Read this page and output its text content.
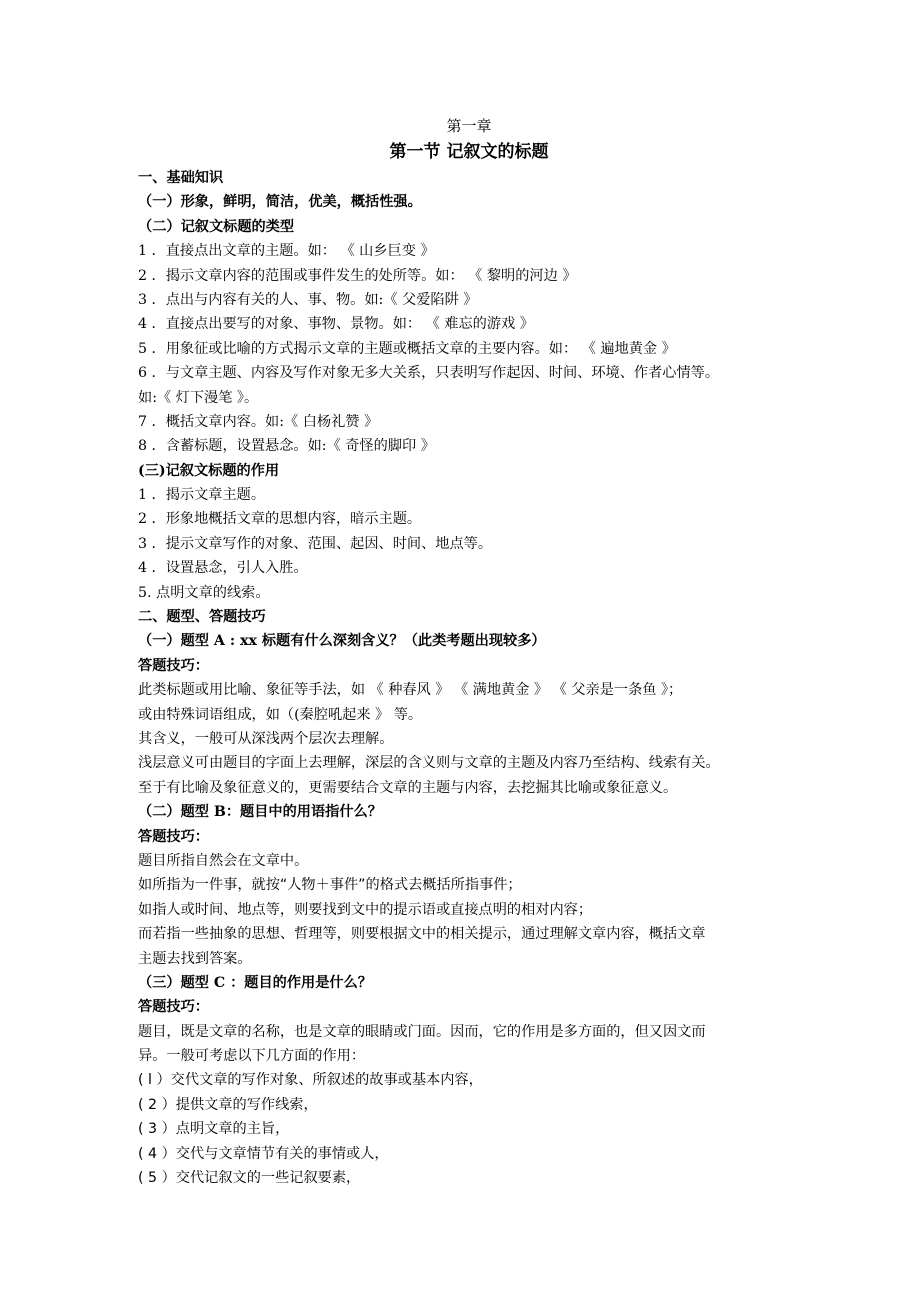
第一章
第一节 记叙文的标题
一、基础知识
（一）形象，鲜明，简洁，优美，概括性强。
（二）记叙文标题的类型
1 ．直接点出文章的主题。如： 《 山乡巨变 》
2 ．揭示文章内容的范围或事件发生的处所等。如： 《 黎明的河边 》
3 ．点出与内容有关的人、事、物。如:《 父爱陷阱 》
4 ．直接点出要写的对象、事物、景物。如： 《 难忘的游戏 》
5 ．用象征或比喻的方式揭示文章的主题或概括文章的主要内容。如： 《 遍地黄金 》
6 ．与文章主题、内容及写作对象无多大关系，只表明写作起因、时间、环境、作者心情等。
如:《 灯下漫笔 》。
7 ．概括文章内容。如:《 白杨礼赞 》
8 ．含蓄标题，设置悬念。如:《 奇怪的脚印 》
(三)记叙文标题的作用
1 ．揭示文章主题。
2 ．形象地概括文章的思想内容，暗示主题。
3 ．提示文章写作的对象、范围、起因、时间、地点等。
4 ．设置悬念，引人入胜。
5. 点明文章的线索。
二、题型、答题技巧
（一）题型 A : xx 标题有什么深刻含义？（此类考题出现较多）
答题技巧：
此类标题或用比喻、象征等手法，如 《 种春风 》 《 满地黄金 》 《 父亲是一条鱼 》；
或由特殊词语组成，如（(秦腔吼起来 》 等。
其含义，一般可从深浅两个层次去理解。
浅层意义可由题目的字面上去理解，深层的含义则与文章的主题及内容乃至结构、线索有关。
至于有比喻及象征意义的，更需要结合文章的主题与内容，去挖掘其比喻或象征意义。
（二）题型 B：题目中的用语指什么？
答题技巧：
题目所指自然会在文章中。
如所指为一件事，就按“人物＋事件”的格式去概括所指事件；
如指人或时间、地点等，则要找到文中的提示语或直接点明的相对内容；
而若指一些抽象的思想、哲理等，则要根据文中的相关提示，通过理解文章内容，概括文章
主题去找到答案。
（三）题型 C ：题目的作用是什么？
答题技巧：
题目，既是文章的名称，也是文章的眼睛或门面。因而，它的作用是多方面的，但又因文而
异。一般可考虑以下几方面的作用：
( l ）交代文章的写作对象、所叙述的故事或基本内容，
( 2 ）提供文章的写作线索，
( 3 ）点明文章的主旨，
( 4 ）交代与文章情节有关的事情或人，
( 5 ）交代记叙文的一些记叙要素，
